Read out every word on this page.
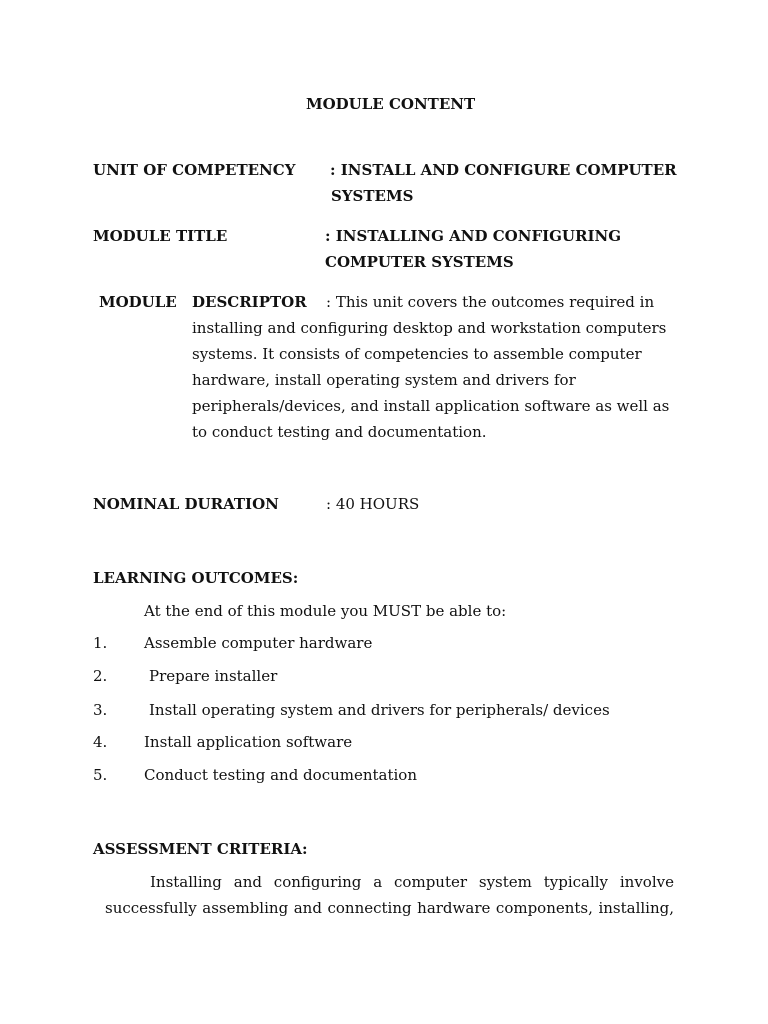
MODULE CONTENT
UNIT OF COMPETENCY : INSTALL AND CONFIGURE COMPUTER
SYSTEMS
MODULE TITLE	: INSTALLING AND CONFIGURING
COMPUTER SYSTEMS
MODULE DESCRIPTOR : This unit covers the outcomes required in
installing and configuring desktop and workstation computers
systems. It consists of competencies to assemble computer
hardware, install operating system and drivers for
peripherals/devices, and install application software as well as
to conduct testing and documentation.
NOMINAL DURATION	: 40 HOURS
LEARNING OUTCOMES:
At the end of this module you MUST be able to:
1. Assemble computer hardware
2.	Prepare installer
3.	Install operating system and drivers for peripherals/ devices
4. Install application software
5. Conduct testing and documentation
ASSESSMENT CRITERIA:
Installing and configuring a computer system typically involve
successfully assembling and connecting hardware components, installing,
